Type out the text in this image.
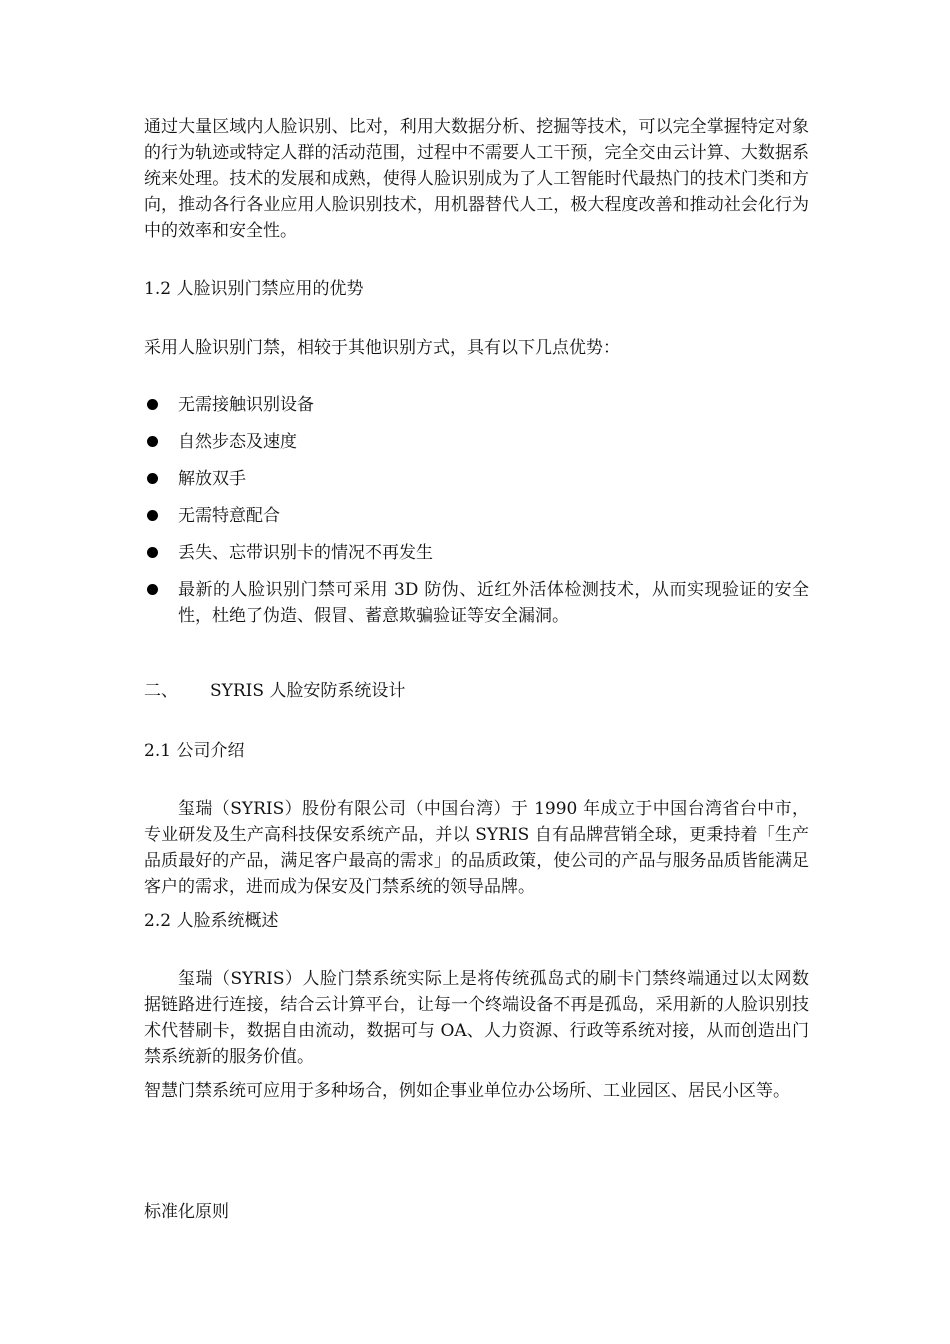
通过大量区域内人脸识别、比对，利用大数据分析、挖掘等技术，可以完全掌握特定对象的行为轨迹或特定人群的活动范围，过程中不需要人工干预，完全交由云计算、大数据系统来处理。技术的发展和成熟，使得人脸识别成为了人工智能时代最热门的技术门类和方向，推动各行各业应用人脸识别技术，用机器替代人工，极大程度改善和推动社会化行为中的效率和安全性。

1.2 人脸识别门禁应用的优势

采用人脸识别门禁，相较于其他识别方式，具有以下几点优势：

无需接触识别设备
自然步态及速度
解放双手
无需特意配合
丢失、忘带识别卡的情况不再发生
最新的人脸识别门禁可采用 3D 防伪、近红外活体检测技术，从而实现验证的安全性，杜绝了伪造、假冒、蓄意欺骗验证等安全漏洞。

二、 SYRIS 人脸安防系统设计

2.1 公司介绍

玺瑞（SYRIS）股份有限公司（中国台湾）于 1990 年成立于中国台湾省台中市，专业研发及生产高科技保安系统产品，并以 SYRIS 自有品牌营销全球，更秉持着「生产品质最好的产品，满足客户最高的需求」的品质政策，使公司的产品与服务品质皆能满足客户的需求，进而成为保安及门禁系统的领导品牌。

2.2 人脸系统概述

玺瑞（SYRIS）人脸门禁系统实际上是将传统孤岛式的刷卡门禁终端通过以太网数据链路进行连接，结合云计算平台，让每一个终端设备不再是孤岛，采用新的人脸识别技术代替刷卡，数据自由流动，数据可与 OA、人力资源、行政等系统对接，从而创造出门禁系统新的服务价值。

智慧门禁系统可应用于多种场合，例如企事业单位办公场所、工业园区、居民小区等。

标准化原则
